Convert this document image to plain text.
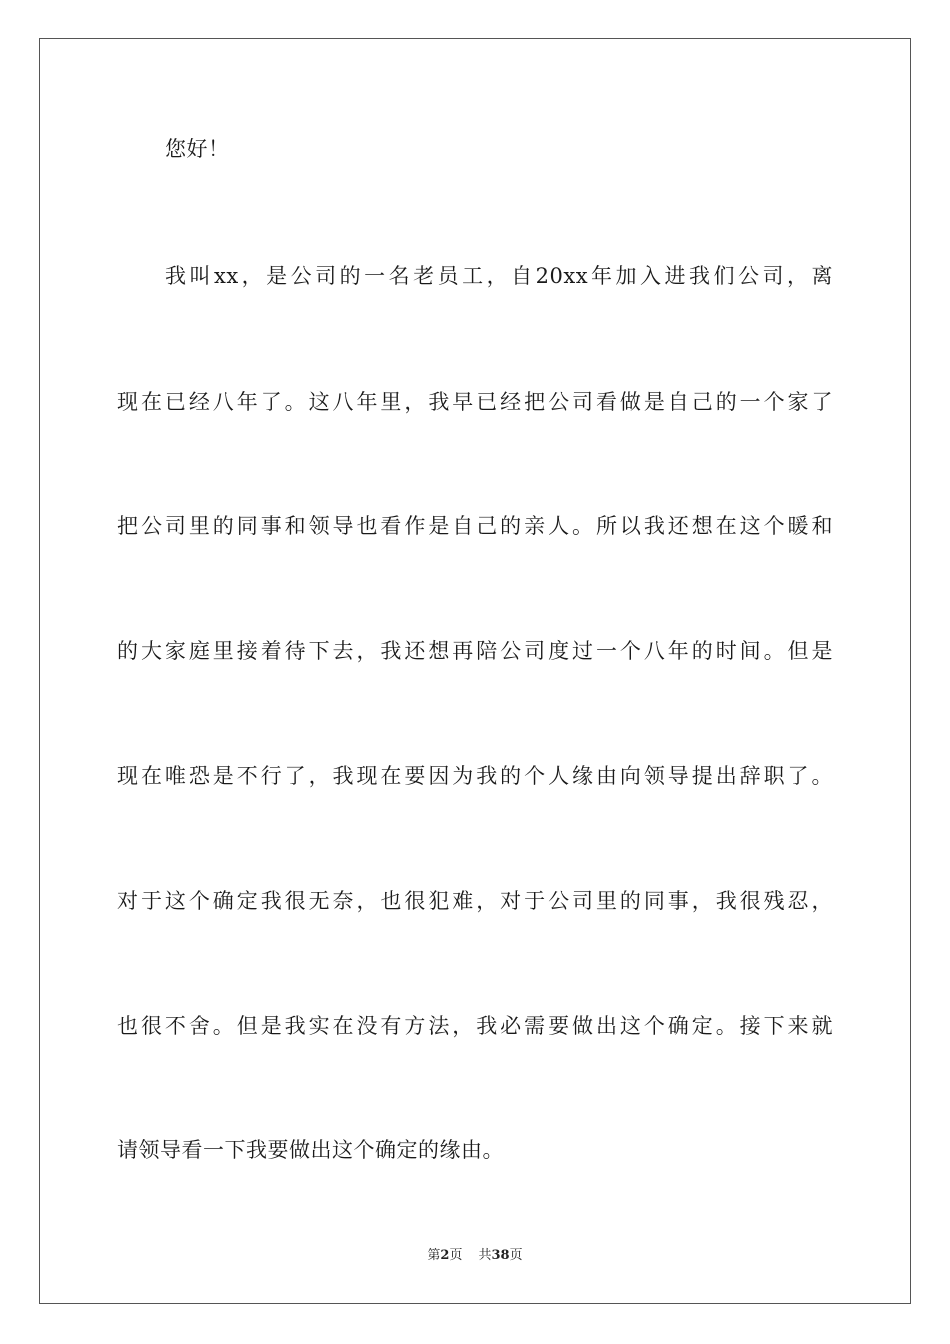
您好！
我叫xx，是公司的一名老员工，自20xx年加入进我们公司，离
现在已经八年了。这八年里，我早已经把公司看做是自己的一个家了
把公司里的同事和领导也看作是自己的亲人。所以我还想在这个暖和
的大家庭里接着待下去，我还想再陪公司度过一个八年的时间。但是
现在唯恐是不行了，我现在要因为我的个人缘由向领导提出辞职了。
对于这个确定我很无奈，也很犯难，对于公司里的同事，我很残忍，
也很不舍。但是我实在没有方法，我必需要做出这个确定。接下来就
请领导看一下我要做出这个确定的缘由。
第2页 共38页
